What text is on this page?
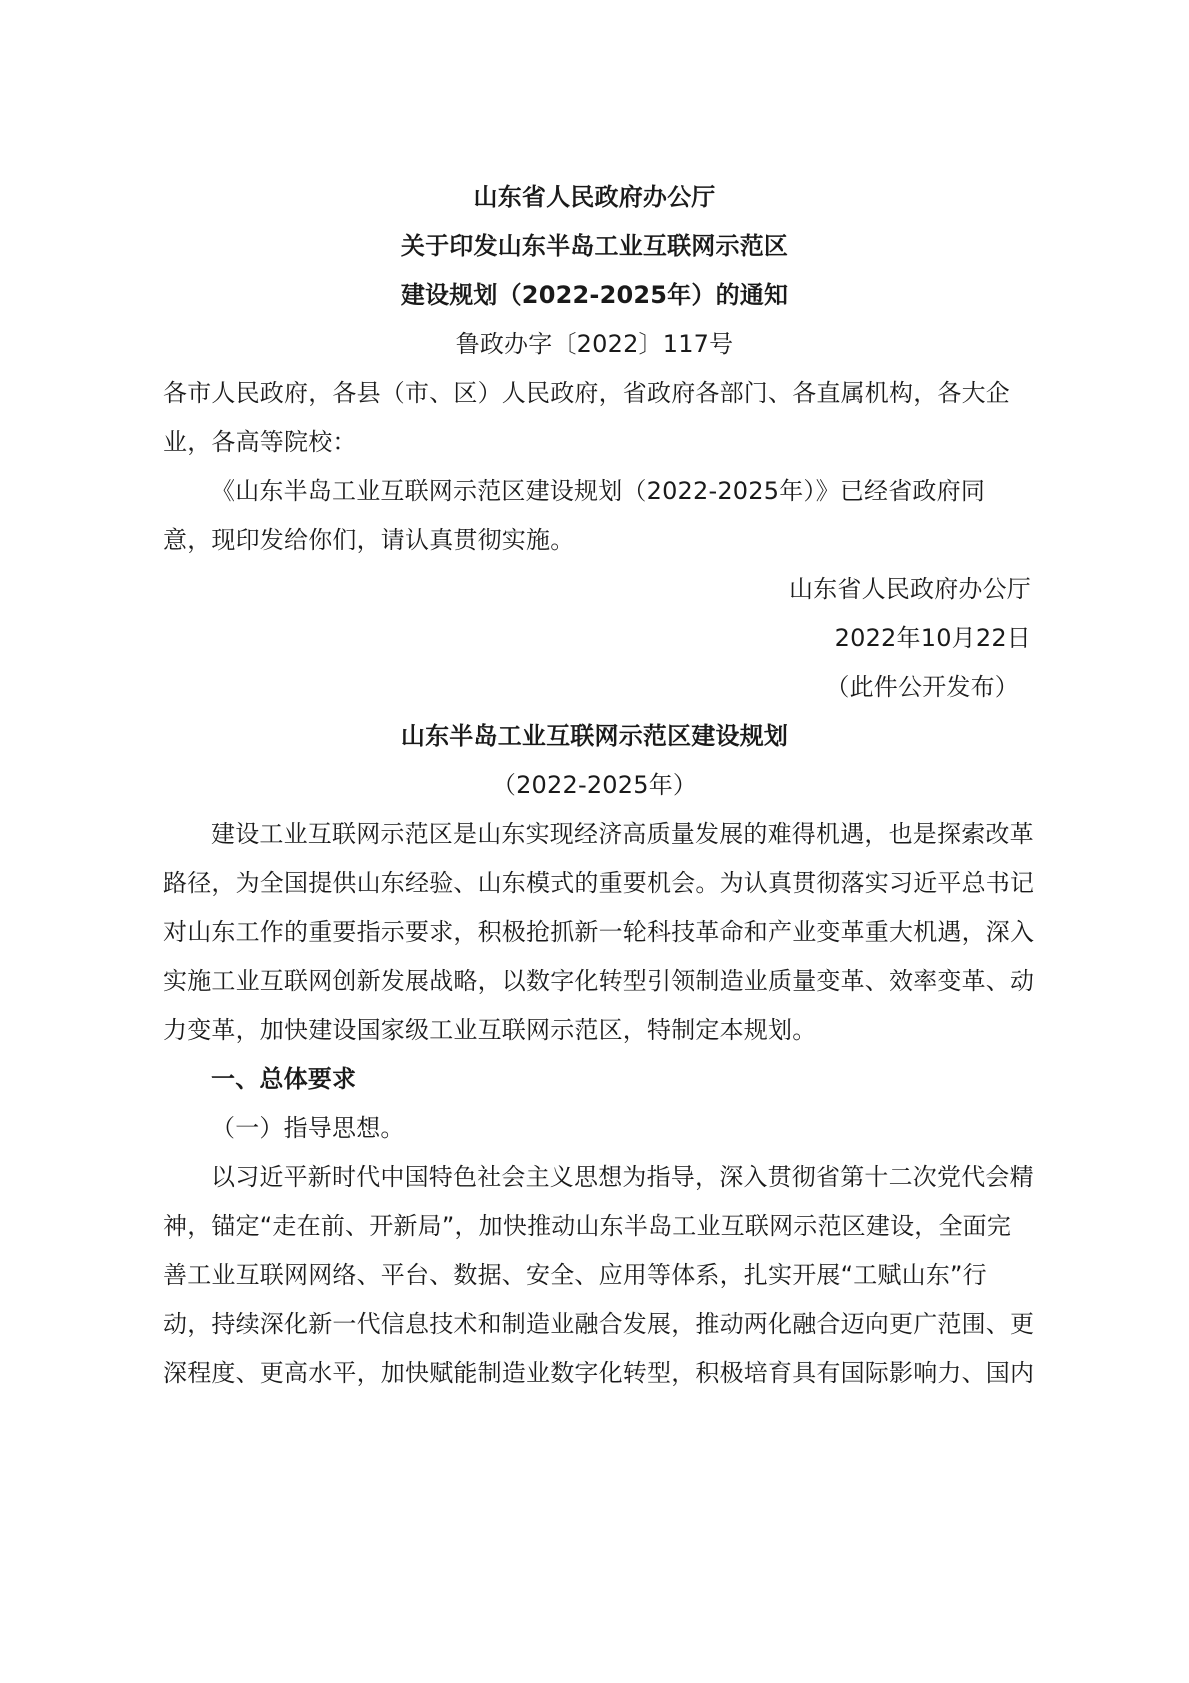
山东省人民政府办公厅
关于印发山东半岛工业互联网示范区
建设规划（2022-2025年）的通知
鲁政办字〔2022〕117号
各市人民政府，各县（市、区）人民政府，省政府各部门、各直属机构，各大企
业，各高等院校：
《山东半岛工业互联网示范区建设规划（2022-2025年）》已经省政府同
意，现印发给你们，请认真贯彻实施。
山东省人民政府办公厅
2022年10月22日
（此件公开发布）
山东半岛工业互联网示范区建设规划
（2022-2025年）
建设工业互联网示范区是山东实现经济高质量发展的难得机遇，也是探索改革
路径，为全国提供山东经验、山东模式的重要机会。为认真贯彻落实习近平总书记
对山东工作的重要指示要求，积极抢抓新一轮科技革命和产业变革重大机遇，深入
实施工业互联网创新发展战略，以数字化转型引领制造业质量变革、效率变革、动
力变革，加快建设国家级工业互联网示范区，特制定本规划。
一、总体要求
（一）指导思想。
以习近平新时代中国特色社会主义思想为指导，深入贯彻省第十二次党代会精
神，锚定“走在前、开新局”，加快推动山东半岛工业互联网示范区建设，全面完
善工业互联网网络、平台、数据、安全、应用等体系，扎实开展“工赋山东”行
动，持续深化新一代信息技术和制造业融合发展，推动两化融合迈向更广范围、更
深程度、更高水平，加快赋能制造业数字化转型，积极培育具有国际影响力、国内
